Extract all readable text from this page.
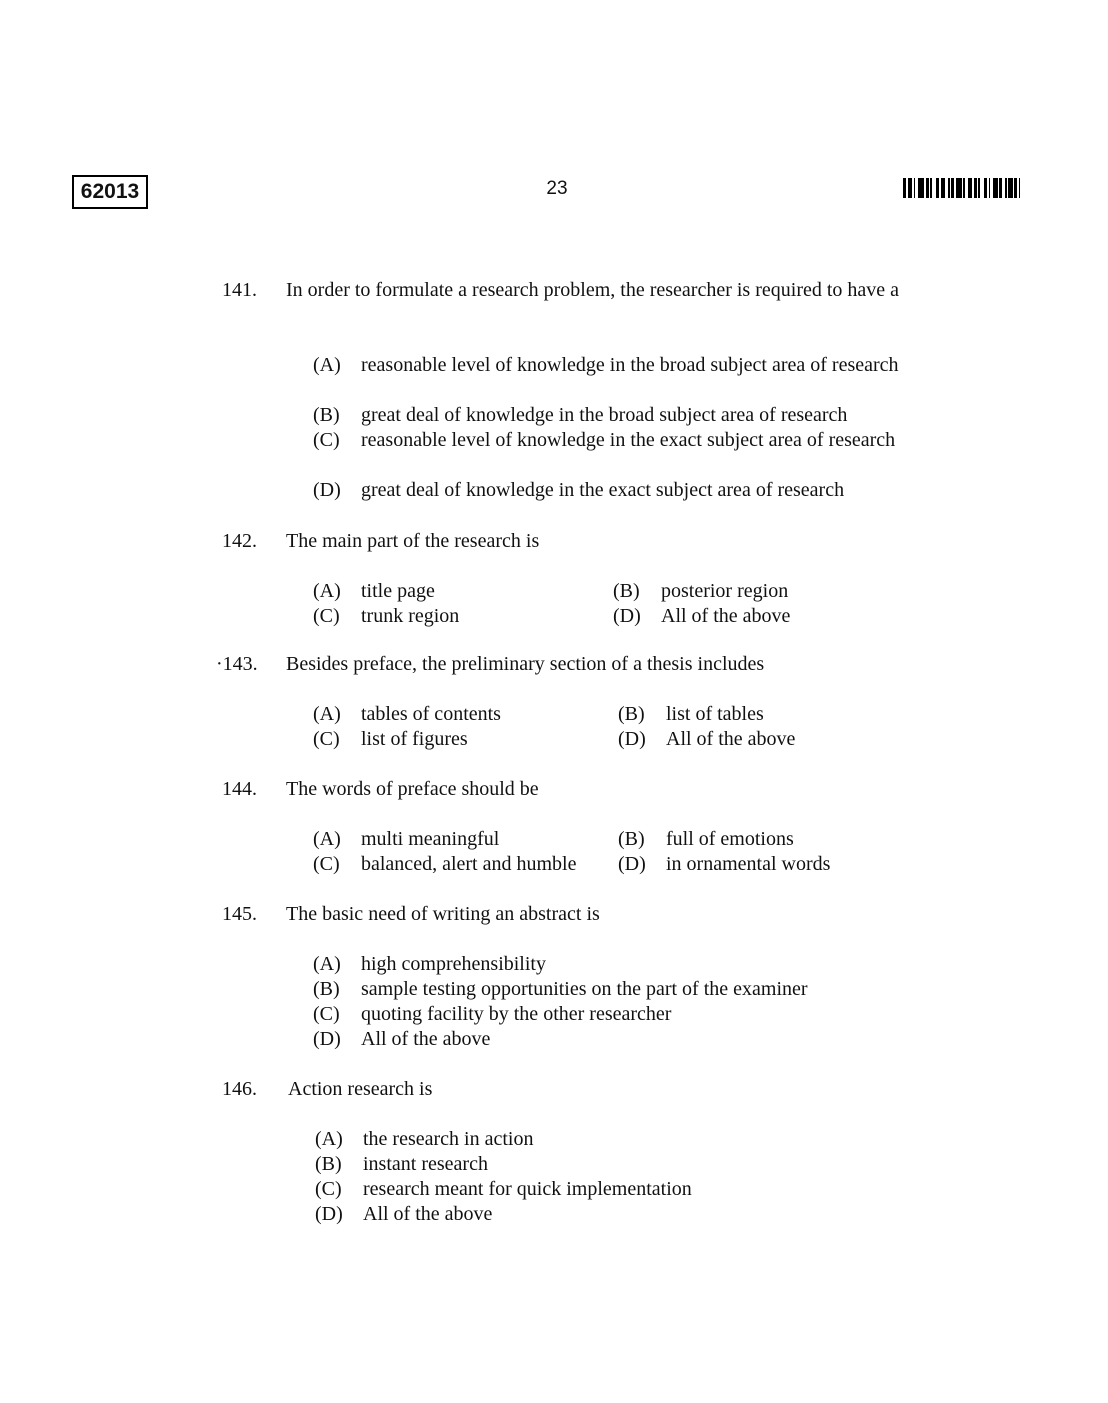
62013	23
141. In order to formulate a research problem, the researcher is required to have a
(A) reasonable level of knowledge in the broad subject area of research
(B) great deal of knowledge in the broad subject area of research
(C) reasonable level of knowledge in the exact subject area of research
(D) great deal of knowledge in the exact subject area of research
142. The main part of the research is
(A) title page	(B) posterior region
(C) trunk region	(D) All of the above
·143. Besides preface, the preliminary section of a thesis includes
(A) tables of contents	(B) list of tables
(C) list of figures	(D) All of the above
144. The words of preface should be
(A) multi meaningful	(B) full of emotions
(C) balanced, alert and humble (D) in ornamental words
145. The basic need of writing an abstract is
(A) high comprehensibility
(B) sample testing opportunities on the part of the examiner
(C) quoting facility by the other researcher
(D) All of the above
146. Action research is
(A) the research in action
(B) instant research
(C) research meant for quick implementation
(D) All of the above
